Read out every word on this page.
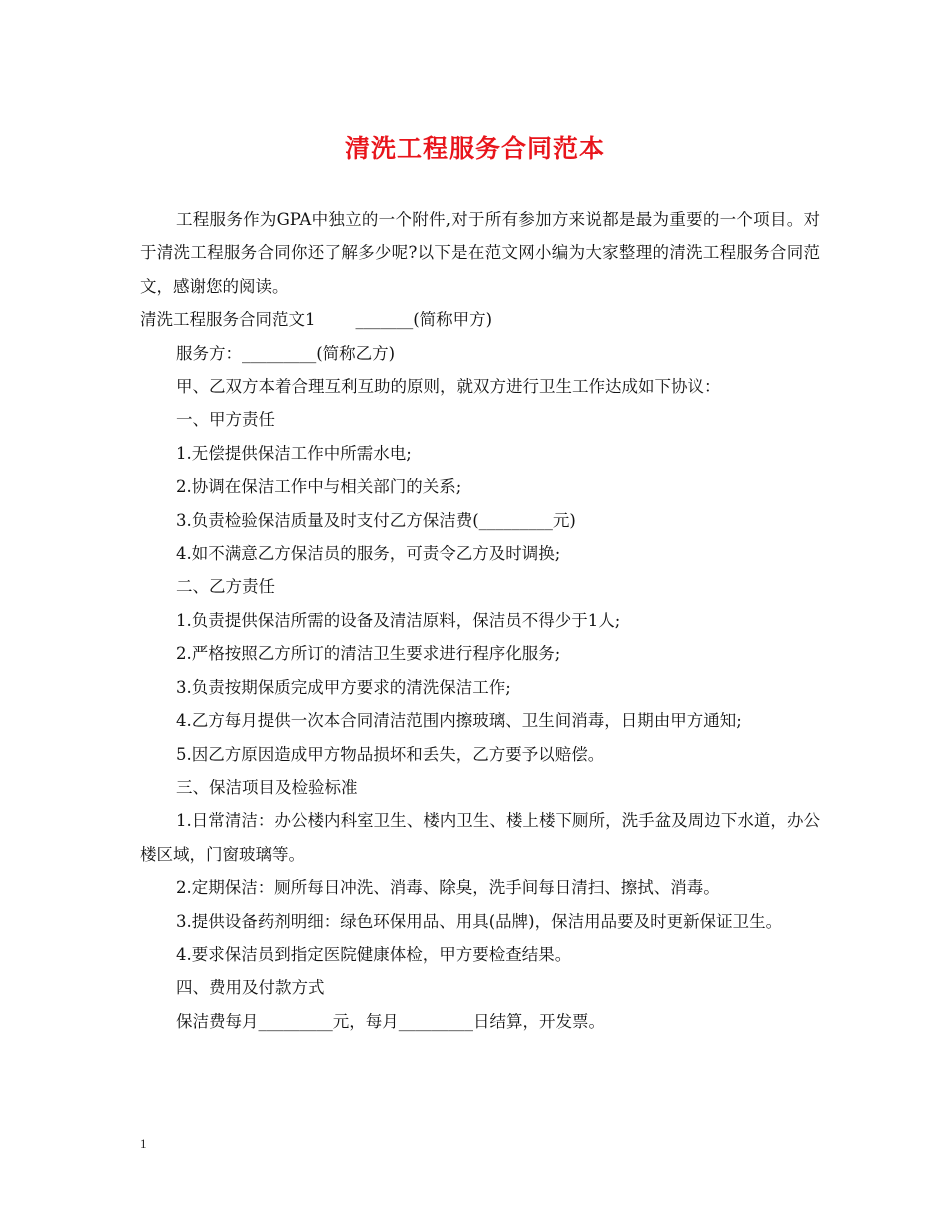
清洗工程服务合同范本

工程服务作为GPA中独立的一个附件,对于所有参加方来说都是最为重要的一个项目。对于清洗工程服务合同你还了解多少呢?以下是在范文网小编为大家整理的清洗工程服务合同范文，感谢您的阅读。

清洗工程服务合同范文1 _______(简称甲方)

服务方：_________(简称乙方)

甲、乙双方本着合理互利互助的原则，就双方进行卫生工作达成如下协议：

一、甲方责任

1.无偿提供保洁工作中所需水电;

2.协调在保洁工作中与相关部门的关系;

3.负责检验保洁质量及时支付乙方保洁费(_________元)

4.如不满意乙方保洁员的服务，可责令乙方及时调换;

二、乙方责任

1.负责提供保洁所需的设备及清洁原料，保洁员不得少于1人;

2.严格按照乙方所订的清洁卫生要求进行程序化服务;

3.负责按期保质完成甲方要求的清洗保洁工作;

4.乙方每月提供一次本合同清洁范围内擦玻璃、卫生间消毒，日期由甲方通知;

5.因乙方原因造成甲方物品损坏和丢失，乙方要予以赔偿。

三、保洁项目及检验标准

1.日常清洁：办公楼内科室卫生、楼内卫生、楼上楼下厕所，洗手盆及周边下水道，办公楼区域，门窗玻璃等。

2.定期保洁：厕所每日冲洗、消毒、除臭，洗手间每日清扫、擦拭、消毒。

3.提供设备药剂明细：绿色环保用品、用具(品牌)，保洁用品要及时更新保证卫生。

4.要求保洁员到指定医院健康体检，甲方要检查结果。

四、费用及付款方式

保洁费每月_________元，每月_________日结算，开发票。

1
